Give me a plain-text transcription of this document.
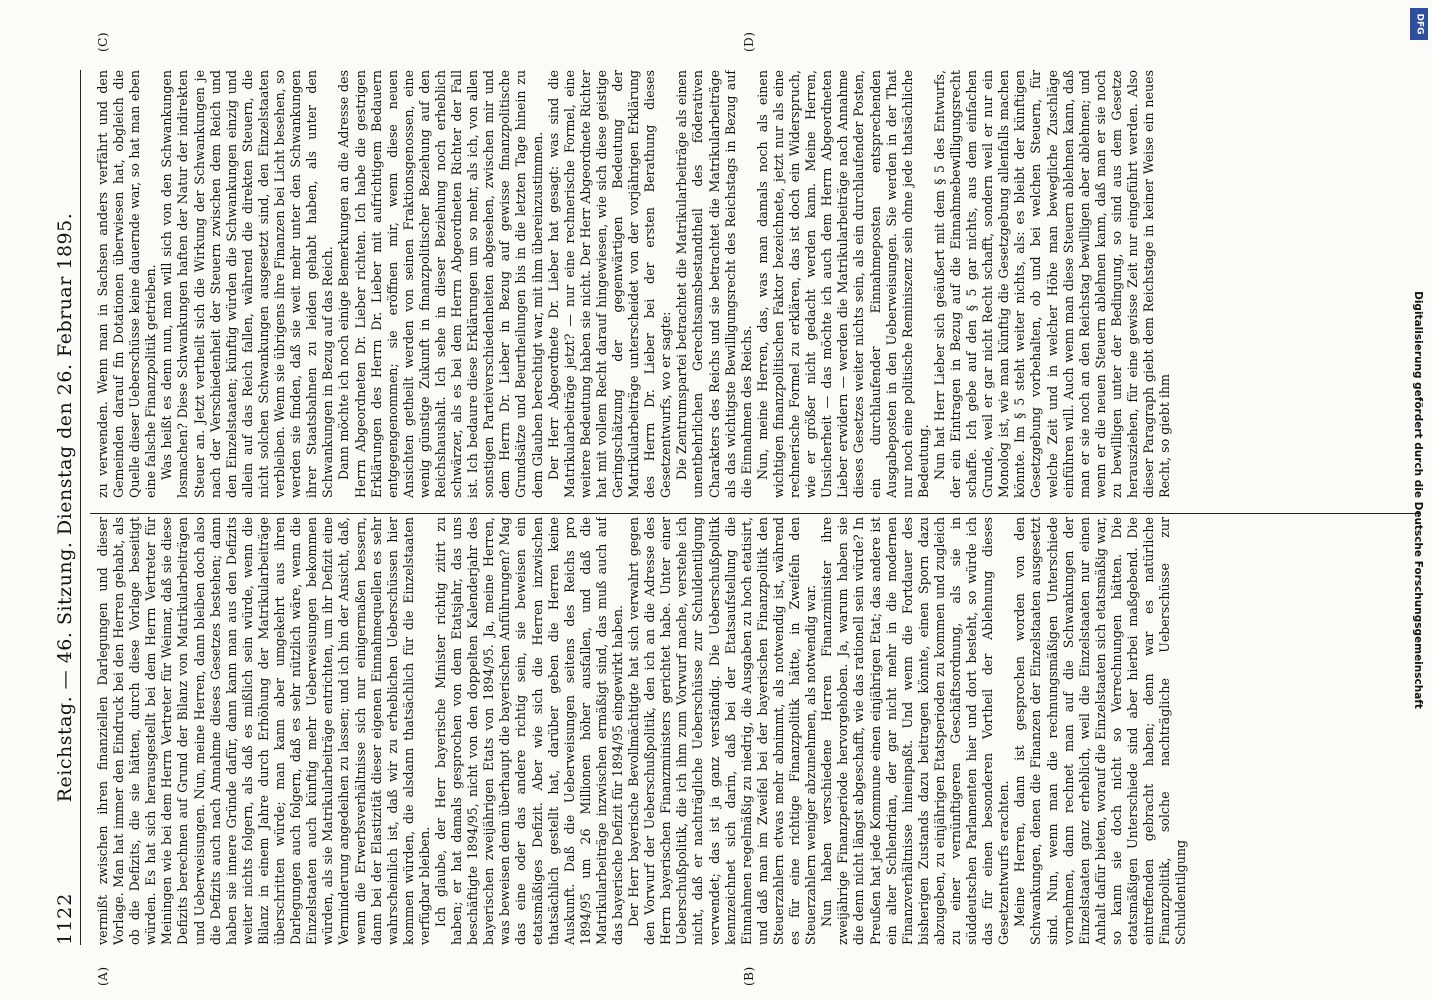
(A)	(B)
(C)	(D)
1122
Reichstag. — 46. Sitzung. Dienstag den 26. Februar 1895. vermißt zwischen ihren finanziellen Darlegungen und dieser Vorlage. Man hat immer den Eindruck bei den Herren gehabt, als ob die Defizits, die sie hätten, durch diese Vorlage beseitigt würden. Es hat sich herausgestellt bei dem Herrn Vertreter für Meiningen wie bei dem Herrn Vertreter für Weimar, daß sie diese Defizits berechnen auf Grund der Bilanz von Matrikularbeiträgen und Ueberweisungen. Nun, meine Herren, dann bleiben doch also die Defizits auch nach Annahme dieses Gesetzes bestehen; dann haben sie innere Gründe dafür, dann kann man aus den Defizits weiter nichts folgern, als daß es mißlich sein würde, wenn die Bilanz in einem Jahre durch Erhöhung der Matrikularbeiträge überschritten würde; man kann aber umgekehrt aus ihren Darlegungen auch folgern, daß es sehr nützlich wäre, wenn die Einzelstaaten auch künftig mehr Ueberweisungen bekommen würden, als sie Matrikularbeiträge entrichten, um ihr Defizit eine Verminderung angedeihen zu lassen; und ich bin der Ansicht, daß, wenn die Erwerbsverhältnisse sich nur einigermaßen bessern, dann bei der Elastizität dieser eigenen Einnahmequellen es sehr wahrscheinlich ist, daß wir zu erheblichen Ueberschüssen hier kommen würden, die alsdann thatsächlich für die Einzelstaaten verfügbar bleiben. Ich glaube, der Herr bayerische Minister richtig zitirt zu haben; er hat damals gesprochen von dem Etatsjahr, das uns beschäftigte 1894/95, nicht von den doppelten Kalenderjahr des bayerischen zweijährigen Etats von 1894/95. Ja, meine Herren, was beweisen denn überhaupt die bayerischen Anführungen? Mag das eine oder das andere richtig sein, sie beweisen ein etatsmäßiges Defizit. Aber wie sich die Herren inzwischen thatsächlich gestellt hat, darüber geben die Herren keine Auskunft. Daß die Ueberweisungen seitens des Reichs pro 1894/95 um 26 Millionen höher ausfallen, und daß die Matrikularbeiträge inzwischen ermäßigt sind, das muß auch auf das bayerische Defizit für 1894/95 eingewirkt haben. Der Herr bayerische Bevollmächtigte hat sich verwahrt gegen den Vorwurf der Ueberschußpolitik, den ich an die Adresse des Herrn bayerischen Finanzministers gerichtet habe. Unter einer Ueberschußpolitik, die ich ihm zum Vorwurf mache, verstehe ich nicht, daß er nachträgliche Ueberschüsse zur Schuldentilgung verwendet; das ist ja ganz verständig. Die Ueberschußpolitik kennzeichnet sich darin, daß bei der Etatsaufstellung die Einnahmen regelmäßig zu niedrig, die Ausgaben zu hoch etatisirt, und daß man im Zweifel bei der bayerischen Finanzpolitik den Steuerzahlern etwas mehr abnimmt, als notwendig ist, während es für eine richtige Finanzpolitik hätte, in Zweifeln den Steuerzahlern weniger abzunehmen, als notwendig war. Nun haben verschiedene Herren Finanzminister ihre zweijährige Finanzperiode hervorgehoben. Ja, warum haben sie die denn nicht längst abgeschafft, wie das rationell sein würde? In Preußen hat jede Kommune einen einjährigen Etat; das andere ist ein alter Schlendrian, der gar nicht mehr in die modernen Finanzverhältnisse hineinpaßt. Und wenn die Fortdauer des bisherigen Zustands dazu beitragen könnte, einen Sporn dazu abzugeben, zu einjährigen Etatsperioden zu kommen und zugleich zu einer vernünftigeren Geschäftsordnung, als sie in süddeutschen Parlamenten hier und dort besteht, so würde ich das für einen besonderen Vortheil der Ablehnung dieses Gesetzentwurfs erachten. Meine Herren, dann ist gesprochen worden von den Schwankungen, denen die Finanzen der Einzelstaaten ausgesetzt sind. Nun, wenn man die rechnungsmäßigen Unterschiede vornehmen, dann rechnet man auf die Schwankungen der Einzelstaaten ganz erheblich, weil die Einzelstaaten nur einen Anhalt dafür bieten, worauf die Einzelstaaten sich etatsmäßig war, so kann sie doch nicht so Verrechnungen hätten. Die etatsmäßigen Unterschiede sind aber hierbei maßgebend. Die eintreffenden gebracht haben; denn war es natürliche Finanzpolitik, solche nachträgliche Ueberschüsse zur Schuldentilgung

zu verwenden. Wenn man in Sachsen anders verfährt und den Gemeinden darauf fin Dotationen überwiesen hat, obgleich die Quelle dieser Ueberschüsse keine dauernde war, so hat man eben eine falsche Finanzpolitik getrieben. Was heißt es denn nun, man will sich von den Schwankungen losmachen? Diese Schwankungen haften der Natur der indirekten Steuer an. Jetzt vertheilt sich die Wirkung der Schwankungen je nach der Verschiedenheit der Steuern zwischen dem Reich und den Einzelstaaten; künftig würden die Schwankungen einzig und allein auf das Reich fallen, während die direkten Steuern, die nicht solchen Schwankungen ausgesetzt sind, den Einzelstaaten verbleiben. Wenn sie übrigens ihre Finanzen bei Licht besehen, so werden sie finden, daß sie weit mehr unter den Schwankungen ihrer Staatsbahnen zu leiden gehabt haben, als unter den Schwankungen in Bezug auf das Reich. Dann möchte ich noch einige Bemerkungen an die Adresse des Herrn Abgeordneten Dr. Lieber richten. Ich habe die gestrigen Erklärungen des Herrn Dr. Lieber mit aufrichtigem Bedauern entgegengenommen; sie eröffnen mir, wenn diese neuen Ansichten getheilt werden von seinen Fraktionsgenossen, eine wenig günstige Zukunft in finanzpolitischer Beziehung auf den Reichshaushalt. Ich sehe in dieser Beziehung noch erheblich schwärzer, als es bei dem Herrn Abgeordneten Richter der Fall ist. Ich bedaure diese Erklärungen um so mehr, als ich, von allen sonstigen Parteiverschiedenheiten abgesehen, zwischen mir und dem Herrn Dr. Lieber in Bezug auf gewisse finanzpolitische Grundsätze und Beurtheilungen bis in die letzten Tage hinein zu dem Glauben berechtigt war, mit ihm übereinzustimmen. Der Herr Abgeordnete Dr. Lieber hat gesagt: was sind die Matrikularbeiträge jetzt? — nur eine rechnerische Formel, eine weitere Bedeutung haben sie nicht. Der Herr Abgeordnete Richter hat mit vollem Recht darauf hingewiesen, wie sich diese geistige Geringschätzung der gegenwärtigen Bedeutung der Matrikularbeiträge unterscheidet von der vorjährigen Erklärung des Herrn Dr. Lieber bei der ersten Berathung dieses Gesetzentwurfs, wo er sagte: Die Zentrumspartei betrachtet die Matrikularbeiträge als einen unentbehrlichen Gerechtsamsbestandtheil des föderativen Charakters des Reichs und sie betrachtet die Matrikularbeiträge als das wichtigste Bewilligungsrecht des Reichstags in Bezug auf die Einnahmen des Reichs. Nun, meine Herren, das, was man damals noch als einen wichtigen finanzpolitischen Faktor bezeichnete, jetzt nur als eine rechnerische Formel zu erklären, das ist doch ein Widerspruch, wie er größer nicht gedacht werden kann. Meine Herren, Unsicherheit — das möchte ich auch dem Herrn Abgeordneten Lieber erwidern — werden die Matrikularbeiträge nach Annahme dieses Gesetzes weiter nichts sein, als ein durchlaufender Posten, ein durchlaufender Einnahmeposten entsprechenden Ausgabeposten in den Ueberweisungen. Sie werden in der That nur noch eine politische Reminiszenz sein ohne jede thatsächliche Bedeutung. Nun hat Herr Lieber sich geäußert mit dem § 5 des Entwurfs, der ein Eintragen in Bezug auf die Einnahmebewilligungsrecht schaffe. Ich gebe auf den § 5 gar nichts, aus dem einfachen Grunde, weil er gar nicht Recht schafft, sondern weil er nur ein Monolog ist, wie man künftig die Gesetzgebung allenfalls machen könnte. Im § 5 steht weiter nichts, als: es bleibt der künftigen Gesetzgebung vorbehalten, ob und bei welchen Steuern, für welche Zeit und in welcher Höhe man bewegliche Zuschläge einführen will. Auch wenn man diese Steuern ablehnen kann, daß man er sie noch an den Reichstag bewilligen aber ablehnen; und wenn er die neuen Steuern ablehnen kann, daß man er sie noch zu bewilligen unter der Bedingung, so sind aus dem Gesetze herausziehen, für eine gewisse Zeit nur eingeführt werden. Also dieser Paragraph giebt dem Reichstage in keiner Weise ein neues Recht, so giebt ihm

DFG
Digitalisierung gefördert durch die Deutsche Forschungsgemeinschaft
